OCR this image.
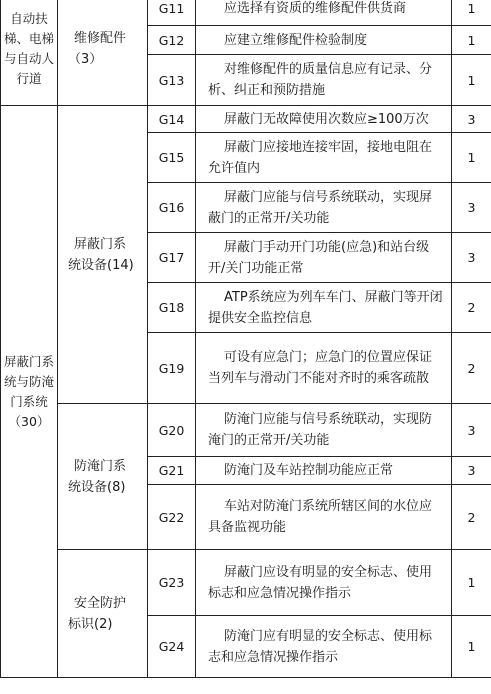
自动扶梯、电梯与自动人行道	维修配件（3）	G11	应选择有资质的维修配件供货商	1
		G12	应建立维修配件检验制度	1
		G13	对维修配件的质量信息应有记录、分析、纠正和预防措施	1
屏蔽门系统与防淹门系统（30）	屏蔽门系统设备(14)	G14	屏蔽门无故障使用次数应≥100万次	3
		G15	屏蔽门应接地连接牢固，接地电阻在允许值内	1
		G16	屏蔽门应能与信号系统联动，实现屏蔽门的正常开/关功能	3
		G17	屏蔽门手动开门功能(应急)和站台级开/关门功能正常	3
		G18	ATP系统应为列车车门、屏蔽门等开闭提供安全监控信息	2
		G19	可设有应急门；应急门的位置应保证当列车与滑动门不能对齐时的乘客疏散	2

	防淹门系统设备(8)	G20	防淹门应能与信号系统联动，实现防淹门的正常开/关功能	3
		G21	防淹门及车站控制功能应正常	3
		G22	车站对防淹门系统所辖区间的水位应具备监视功能	2

	安全防护标识(2)	G23	屏蔽门应设有明显的安全标志、使用标志和应急情况操作指示	1
		G24	防淹门应有明显的安全标志、使用标志和应急情况操作指示	1
